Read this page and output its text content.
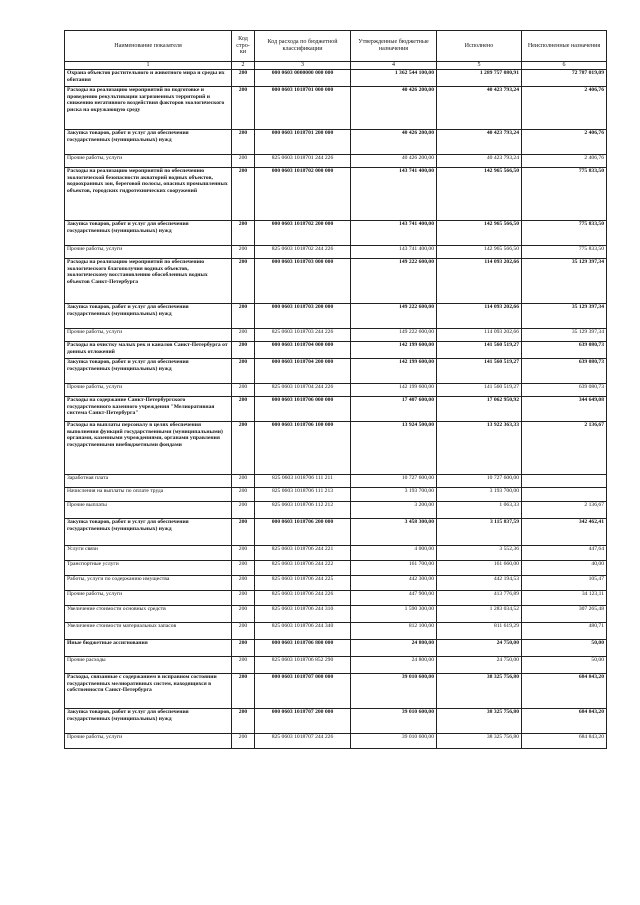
Наименование показателя	Код стро-ки	Код расхода по бюджетной классификации	Утвержденные бюджетные назначения	Исполнено	Неисполненные назначения
1	2	3	4	5	6
Охрана объектов растительного и животного мира и среды их обитания	200	000 0603 0000000 000 000	1 362 544 100,00	1 289 757 080,91	72 787 019,09
Расходы на реализацию мероприятий по подготовке и проведению рекультивации загрязненных территорий и снижению негативного воздействия факторов экологического риска на окружающую среду	200	000 0603 1018701 000 000	40 426 200,00	40 423 793,24	2 406,76
Закупка товаров, работ и услуг для обеспечения государственных (муниципальных) нужд	200	000 0603 1018701 200 000	40 426 200,00	40 423 793,24	2 406,76
Прочие работы, услуги	200	825 0603 1018701 244 226	40 426 200,00	40 423 793,24	2 406,76
Расходы на реализацию мероприятий по обеспечению экологической безопасности акваторий водных объектов, водоохранных зон, береговой полосы, опасных промышленных объектов, городских гидротехнических сооружений	200	000 0603 1018702 000 000	143 741 400,00	142 965 566,50	775 833,50
Закупка товаров, работ и услуг для обеспечения государственных (муниципальных) нужд	200	000 0603 1018702 200 000	143 741 400,00	142 965 566,50	775 833,50
Прочие работы, услуги	200	825 0603 1018702 244 226	143 741 400,00	142 965 566,50	775 833,50
Расходы на реализацию мероприятий по обеспечению экологического благополучия водных объектов, экологическому восстановлению обособленных водных объектов Санкт-Петербурга	200	000 0603 1018703 000 000	149 222 600,00	114 093 202,66	35 129 397,34
Закупка товаров, работ и услуг для обеспечения государственных (муниципальных) нужд	200	000 0603 1018703 200 000	149 222 600,00	114 093 202,66	35 129 397,34
Прочие работы, услуги	200	825 0603 1018703 244 226	149 222 600,00	114 093 202,66	35 129 397,34
Расходы на очистку малых рек и каналов Санкт-Петербурга от донных отложений	200	000 0603 1018704 000 000	142 199 600,00	141 560 519,27	639 080,73
Закупка товаров, работ и услуг для обеспечения государственных (муниципальных) нужд	200	000 0603 1018704 200 000	142 199 600,00	141 560 519,27	639 080,73
Прочие работы, услуги	200	825 0603 1018704 244 226	142 199 600,00	141 560 519,27	639 080,73
Расходы на содержание Санкт-Петербургского государственного казенного учреждения "Мелиоративная система Санкт-Петербурга"	200	000 0603 1018706 000 000	17 407 600,00	17 062 950,92	344 649,08
Расходы на выплаты персоналу в целях обеспечения выполнения функций государственными (муниципальными) органами, казенными учреждениями, органами управления государственными внебюджетными фондами	200	000 0603 1018706 100 000	13 924 500,00	13 922 363,33	2 136,67
Заработная плата	200	825 0603 1018706 111 211	10 727 600,00	10 727 600,00	
Начисления на выплаты по оплате труда	200	825 0603 1018706 111 213	3 193 700,00	3 193 700,00	
Прочие выплаты	200	825 0603 1018706 112 212	3 200,00	1 063,33	2 136,67
Закупка товаров, работ и услуг для обеспечения государственных (муниципальных) нужд	200	000 0603 1018706 200 000	3 458 300,00	3 115 837,59	342 462,41
Услуги связи	200	825 0603 1018706 244 221	4 000,00	3 552,36	447,64
Транспортные услуги	200	825 0603 1018706 244 222	161 700,00	161 660,00	40,00
Работы, услуги по содержанию имущества	200	825 0603 1018706 244 225	442 300,00	442 194,53	105,47
Прочие работы, услуги	200	825 0603 1018706 244 226	447 900,00	413 776,89	34 123,11
Увеличение стоимости основных средств	200	825 0603 1018706 244 310	1 590 300,00	1 283 034,52	307 265,48
Увеличение стоимости материальных запасов	200	825 0603 1018706 244 340	812 100,00	811 619,29	480,71
Иные бюджетные ассигнования	200	000 0603 1018706 800 000	24 800,00	24 750,00	50,00
Прочие расходы	200	825 0603 1018706 852 290	24 800,00	24 750,00	50,00
Расходы, связанные с содержанием в исправном состоянии государственных мелиоративных систем, находящихся в собственности Санкт-Петербурга	200	000 0603 1018707 000 000	39 010 600,00	38 325 756,80	684 843,20
Закупка товаров, работ и услуг для обеспечения государственных (муниципальных) нужд	200	000 0603 1018707 200 000	39 010 600,00	38 325 756,80	684 843,20
Прочие работы, услуги	200	825 0603 1018707 244 226	39 010 600,00	38 325 756,80	684 843,20
